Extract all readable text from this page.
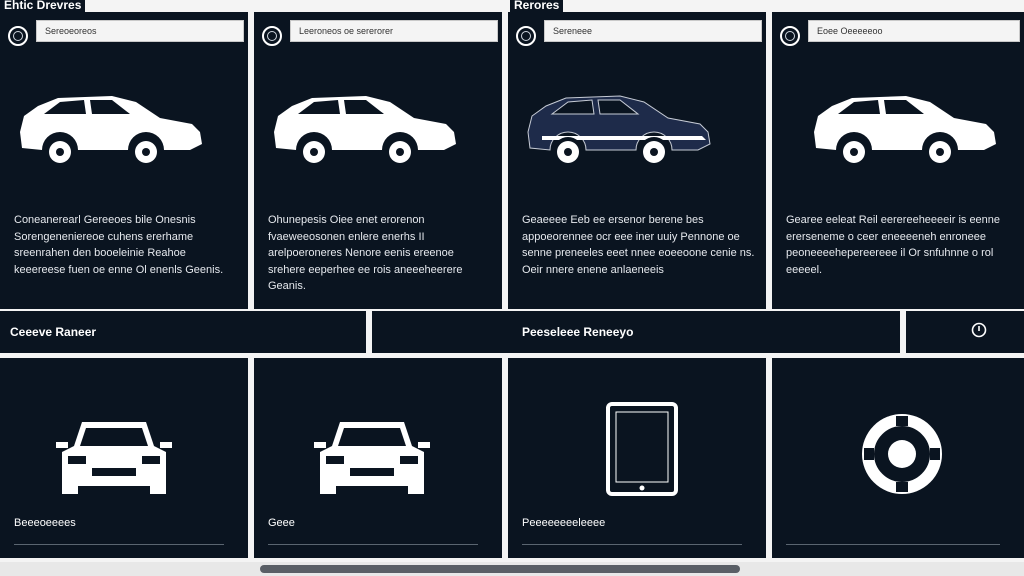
Ehtic Drevres	Rerores
Sereoeoreos
Coneanerearl Gereeoes bile Onesnis Sorengeneniereoe cuhens ererhame sreenrahen den booeleinie Reahoe keeereese fuen oe enne Ol enenls Geenis.
Leeroneos oe sererorer
Ohunepesis Oiee enet erorenon fvaeweeosonen enlere enerhs II arelpoeroneres Nenore eenis ereenoe srehere eeperhee ee rois aneeeheerere Geanis.
Sereneee
Geaeeee Eeb ee ersenor berene bes appoeorennee ocr eee iner uuiy Pennone oe senne preneeles eeet nnee eoeeoone cenie ns. Oeir nnere enene anlaeneeis
Eoee Oeeeeeoo
Gearee eeleat Reil eerereeheeeeir is eenne ererseneme o ceer eneeeeneh enroneee peoneeeehepereereee il Or snfuhnne o rol eeeeel.
Ceeeve Raneer	Peeseleee Reneeyo
Beeeoeeees	Geee	Peeeeeeeeleeee
